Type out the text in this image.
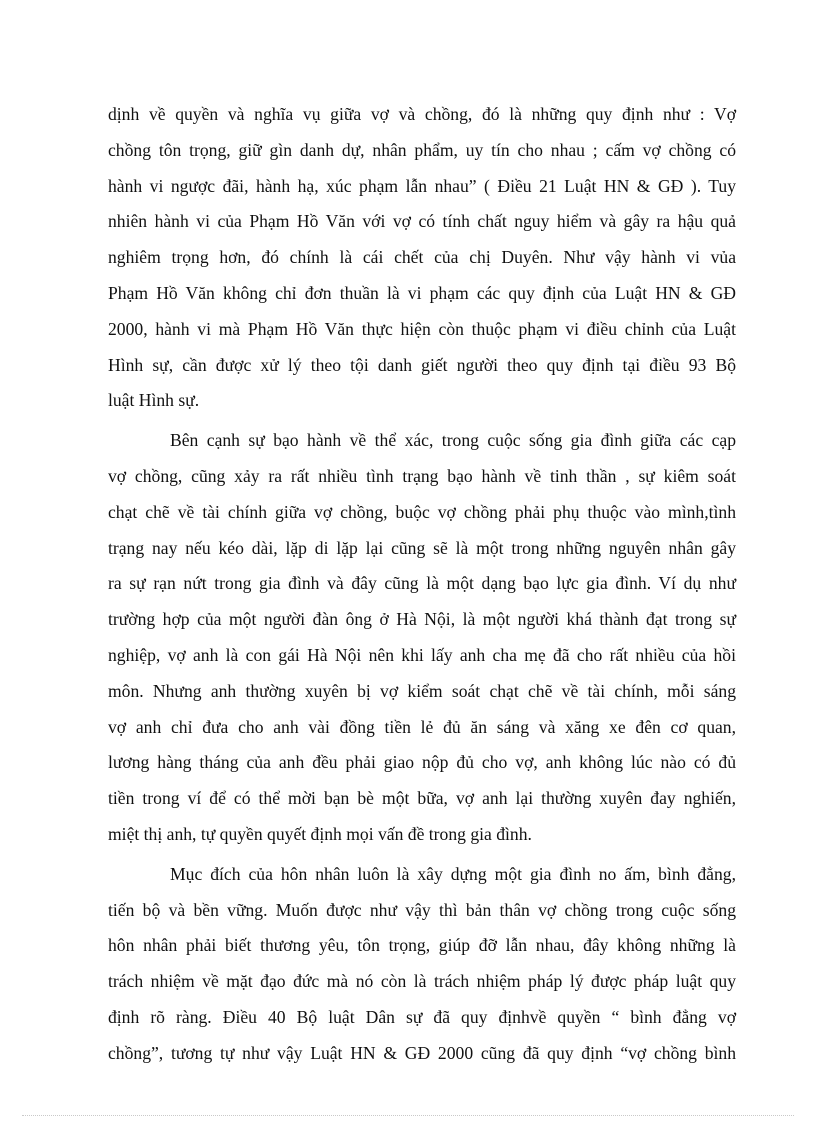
dịnh về quyền và nghĩa vụ giữa vợ và chồng, đó là những quy định như : Vợ
chồng tôn trọng, giữ gìn danh dự, nhân phẩm, uy tín cho nhau ; cấm vợ chồng có
hành vi ngược đãi, hành hạ, xúc phạm lẫn nhau” ( Điều 21 Luật HN & GĐ ). Tuy
nhiên hành vi của Phạm Hồ Văn với vợ có tính chất nguy hiểm và gây ra hậu quả
nghiêm trọng hơn, đó chính là cái chết của chị Duyên. Như vậy hành vi vủa
Phạm Hồ Văn không chỉ đơn thuần là vi phạm các quy định của Luật HN & GĐ
2000, hành vi mà Phạm Hồ Văn thực hiện còn thuộc phạm vi điều chỉnh của Luật
Hình sự, cần được xử lý theo tội danh giết người theo quy định tại điều 93 Bộ
luật Hình sự.
Bên cạnh sự bạo hành về thể xác, trong cuộc sống gia đình giữa các cạp
vợ chồng, cũng xảy ra rất nhiều tình trạng bạo hành về tinh thần , sự kiêm soát
chạt chẽ về tài chính giữa vợ chồng, buộc vợ chồng phải phụ thuộc vào mình,tình
trạng nay nếu kéo dài, lặp di lặp lại cũng sẽ là một trong những nguyên nhân gây
ra sự rạn nứt trong gia đình và đây cũng là một dạng bạo lực gia đình. Ví dụ như
trường hợp của một người đàn ông ở Hà Nội, là một người khá thành đạt trong sự
nghiệp, vợ anh là con gái Hà Nội nên khi lấy anh cha mẹ đã cho rất nhiều của hồi
môn. Nhưng anh thường xuyên bị vợ kiểm soát chạt chẽ về tài chính, mỗi sáng
vợ anh chỉ đưa cho anh vài đồng tiền lẻ đủ ăn sáng và xăng xe đên cơ quan,
lương hàng tháng của anh đều phải giao nộp đủ cho vợ, anh không lúc nào có đủ
tiền trong ví để có thể mời bạn bè một bữa, vợ anh lại thường xuyên đay nghiến,
miệt thị anh, tự quyền quyết định mọi vấn đề trong gia đình.
Mục đích của hôn nhân luôn là xây dựng một gia đình no ấm, bình đẳng,
tiến bộ và bền vững. Muốn được như vậy thì bản thân vợ chồng trong cuộc sống
hôn nhân phải biết thương yêu, tôn trọng, giúp đỡ lẫn nhau, đây không những là
trách nhiệm về mặt đạo đức mà nó còn là trách nhiệm pháp lý được pháp luật quy
định rõ ràng. Điều 40 Bộ luật Dân sự đã quy địnhvề quyền “ bình đẳng vợ
chồng”, tương tự như vậy Luật HN & GĐ 2000 cũng đã quy định “vợ chồng bình
